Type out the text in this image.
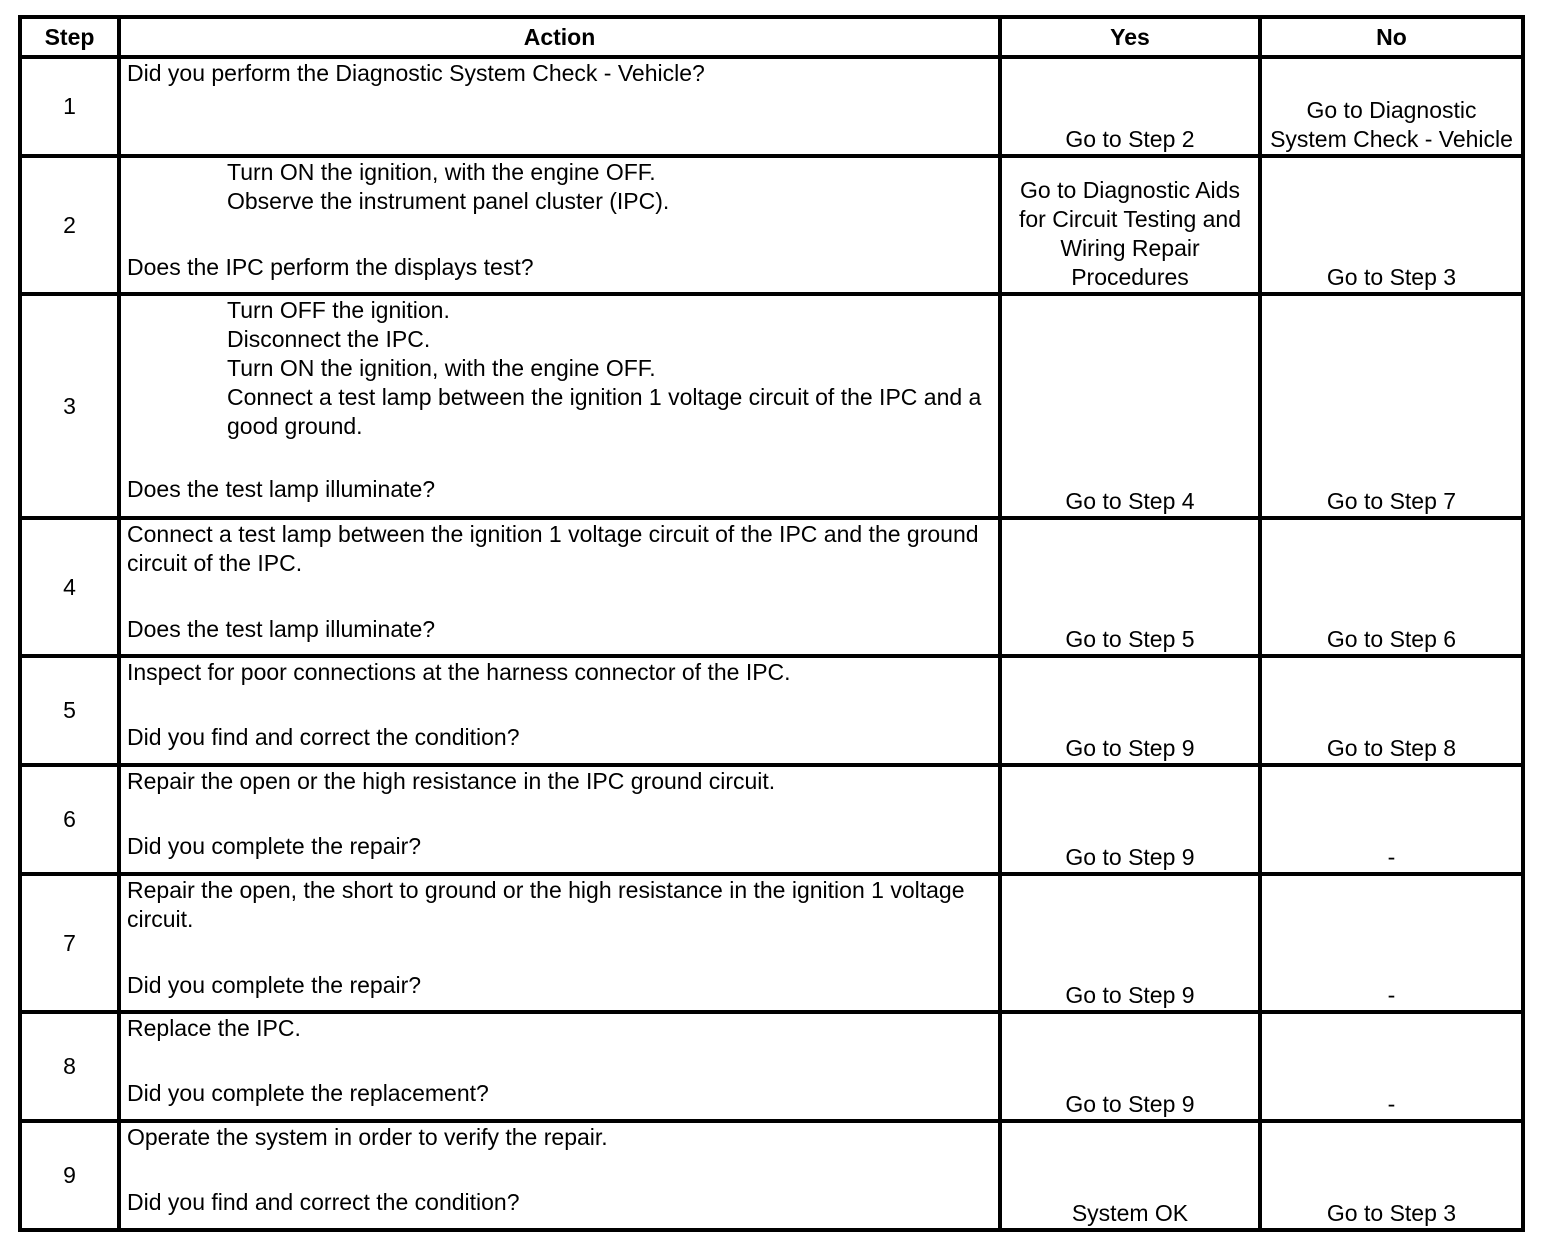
Step	Action	Yes	No
1	Did you perform the Diagnostic System Check - Vehicle?	Go to Step 2	Go to Diagnostic System Check - Vehicle
2	Turn ON the ignition, with the engine OFF.
Observe the instrument panel cluster (IPC).
Does the IPC perform the displays test?	Go to Diagnostic Aids for Circuit Testing and Wiring Repair Procedures	Go to Step 3
3	Turn OFF the ignition.
Disconnect the IPC.
Turn ON the ignition, with the engine OFF.
Connect a test lamp between the ignition 1 voltage circuit of the IPC and a good ground.
Does the test lamp illuminate?	Go to Step 4	Go to Step 7
4	Connect a test lamp between the ignition 1 voltage circuit of the IPC and the ground circuit of the IPC.
Does the test lamp illuminate?	Go to Step 5	Go to Step 6
5	Inspect for poor connections at the harness connector of the IPC.
Did you find and correct the condition?	Go to Step 9	Go to Step 8
6	Repair the open or the high resistance in the IPC ground circuit.
Did you complete the repair?	Go to Step 9	-
7	Repair the open, the short to ground or the high resistance in the ignition 1 voltage circuit.
Did you complete the repair?	Go to Step 9	-
8	Replace the IPC.
Did you complete the replacement?	Go to Step 9	-
9	Operate the system in order to verify the repair.
Did you find and correct the condition?	System OK	Go to Step 3
